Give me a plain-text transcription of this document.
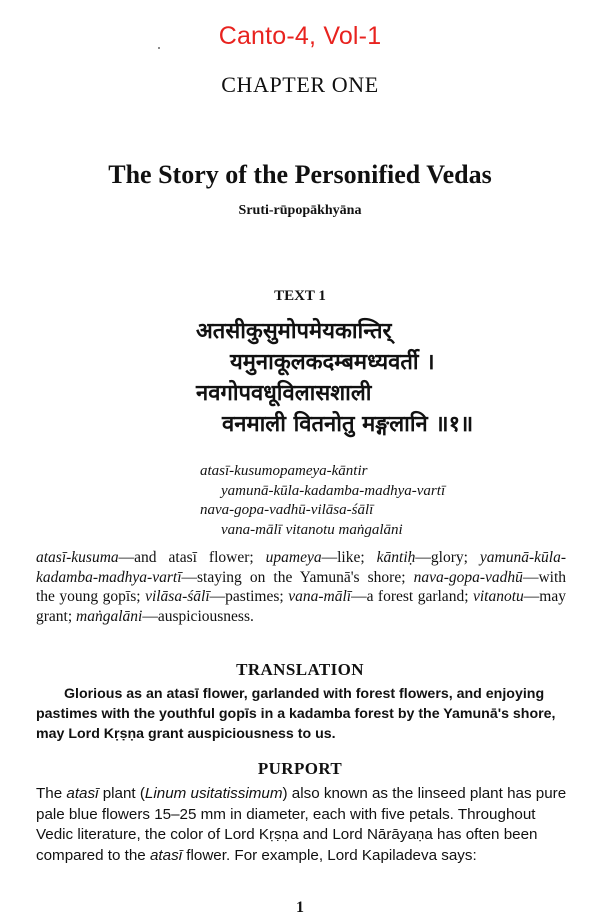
Canto-4, Vol-1
CHAPTER ONE
The Story of the Personified Vedas
Sruti-rūpopākhyāna
TEXT 1
अतसीकुसुमोपमेयकान्तिर्
यमुनाकूलकदम्बमध्यवर्ती ।
नवगोपवधूविलासशाली
वनमाली वितनोतु मङ्गलानि ॥१॥
atasī-kusumopameya-kāntir
yamunā-kūla-kadamba-madhya-vartī
nava-gopa-vadhū-vilāsa-śālī
vana-mālī vitanotu maṅgalāni
atasī-kusuma—and atasī flower; upameya—like; kāntiḥ—glory; yamunā-kūla-kadamba-madhya-vartī—staying on the Yamunā's shore; nava-gopa-vadhū—with the young gopīs; vilāsa-śālī—pastimes; vana-mālī—a forest garland; vitanotu—may grant; maṅgalāni—auspiciousness.
TRANSLATION
Glorious as an atasī flower, garlanded with forest flowers, and enjoying
pastimes with the youthful gopīs in a kadamba forest by the Yamunā's shore,
may Lord Kṛṣṇa grant auspiciousness to us.
PURPORT
The atasī plant (Linum usitatissimum) also known as the linseed plant has pure
pale blue flowers 15–25 mm in diameter, each with five petals. Throughout
Vedic literature, the color of Lord Kṛṣṇa and Lord Nārāyaṇa has often been
compared to the atasī flower. For example, Lord Kapiladeva says:
1
